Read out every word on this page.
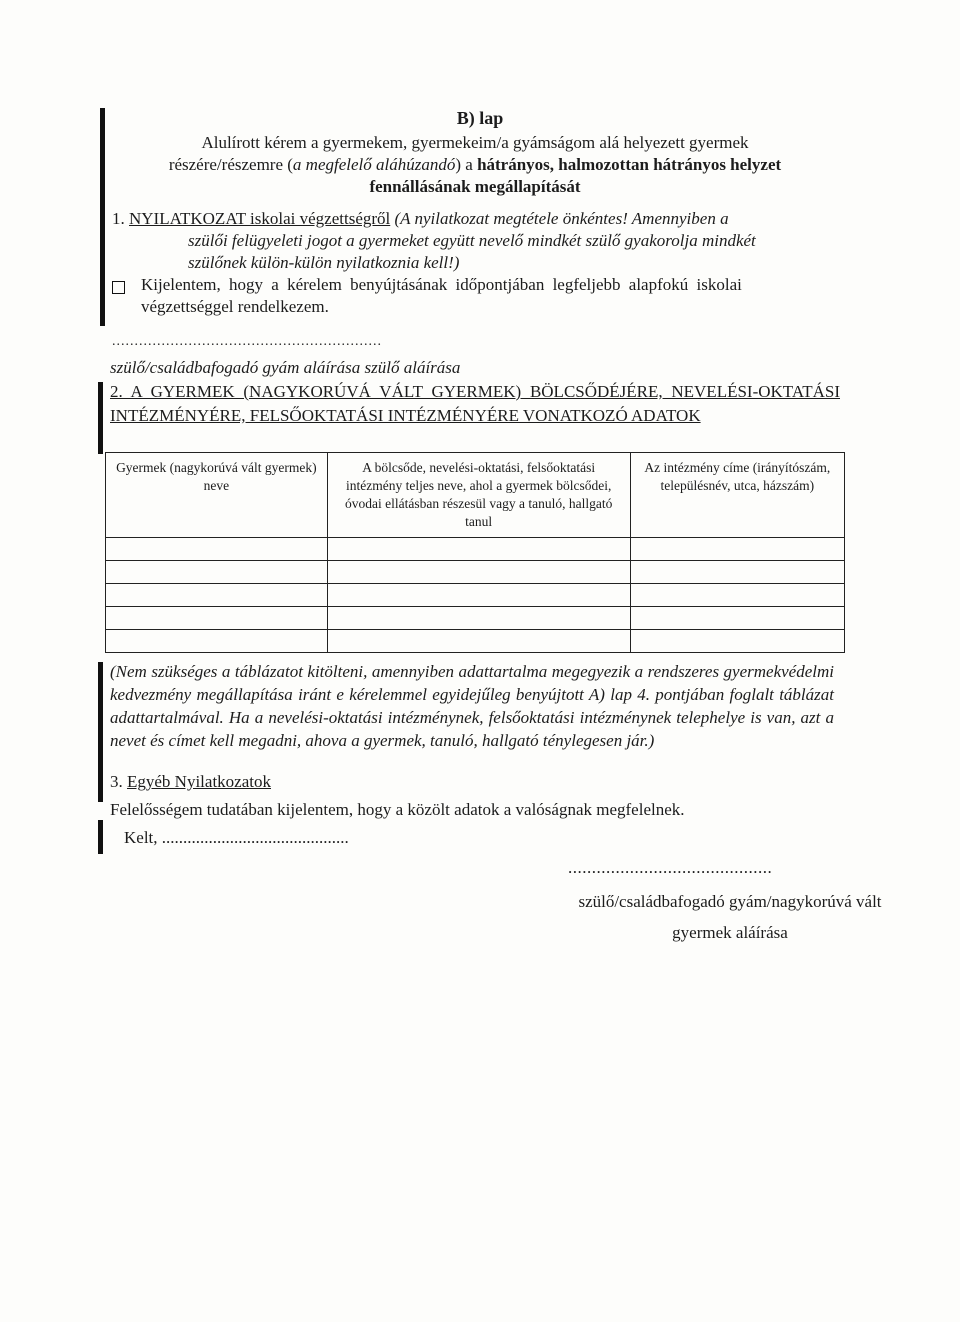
B) lap
Alulírott kérem a gyermekem, gyermekeim/a gyámságom alá helyezett gyermek
részére/részemre (a megfelelő aláhúzandó) a hátrányos, halmozottan hátrányos helyzet
fennállásának megállapítását
1. NYILATKOZAT iskolai végzettségről (A nyilatkozat megtétele önkéntes! Amennyiben a
szülői felügyeleti jogot a gyermeket együtt nevelő mindkét szülő gyakorolja mindkét
szülőnek külön-külön nyilatkoznia kell!)
Kijelentem, hogy a kérelem benyújtásának időpontjában legfeljebb alapfokú iskolai
végzettséggel rendelkezem.
............................................................
szülő/családbafogadó gyám aláírása szülő aláírása
2. A GYERMEK (NAGYKORÚVÁ VÁLT GYERMEK) BÖLCSŐDÉJÉRE, NEVELÉSI-OKTATÁSI INTÉZMÉNYÉRE, FELSŐOKTATÁSI INTÉZMÉNYÉRE VONATKOZÓ ADATOK
Gyermek (nagykorúvá vált gyermek) neve	A bölcsőde, nevelési-oktatási, felsőoktatási intézmény teljes neve, ahol a gyermek bölcsődei, óvodai ellátásban részesül vagy a tanuló, hallgató tanul	Az intézmény címe (irányítószám, településnév, utca, házszám)

(Nem szükséges a táblázatot kitölteni, amennyiben adattartalma megegyezik a rendszeres gyermekvédelmi kedvezmény megállapítása iránt e kérelemmel egyidejűleg benyújtott A) lap 4. pontjában foglalt táblázat adattartalmával. Ha a nevelési-oktatási intézménynek, felsőoktatási intézménynek telephelye is van, azt a nevet és címet kell megadni, ahova a gyermek, tanuló, hallgató ténylegesen jár.)
3. Egyéb Nyilatkozatok
Felelősségem tudatában kijelentem, hogy a közölt adatok a valóságnak megfelelnek.
Kelt, ............................................
...........................................
szülő/családbafogadó gyám/nagykorúvá vált
gyermek aláírása
